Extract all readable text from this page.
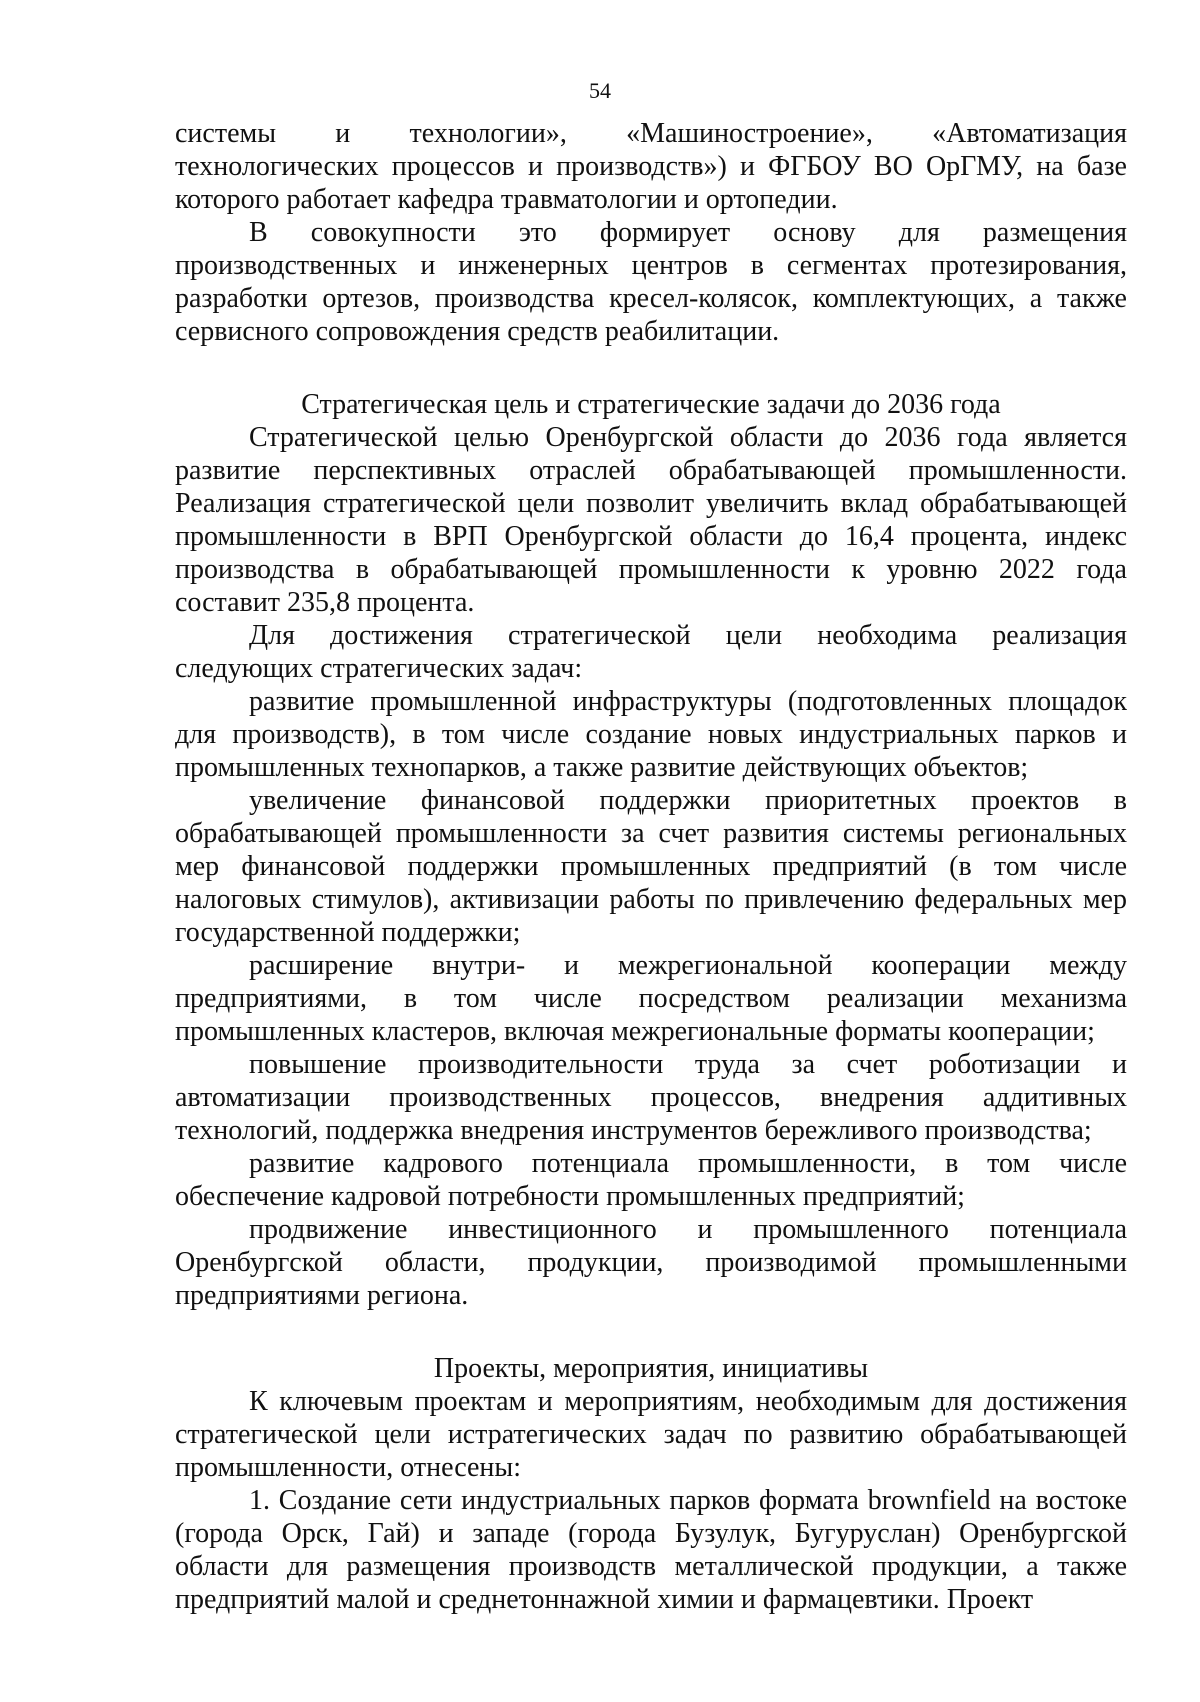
54

системы и технологии», «Машиностроение», «Автоматизация технологических процессов и производств») и ФГБОУ ВО ОрГМУ, на базе которого работает кафедра травматологии и ортопедии.

В совокупности это формирует основу для размещения производственных и инженерных центров в сегментах протезирования, разработки ортезов, производства кресел-колясок, комплектующих, а также сервисного сопровождения средств реабилитации.

Стратегическая цель и стратегические задачи до 2036 года

Стратегической целью Оренбургской области до 2036 года является развитие перспективных отраслей обрабатывающей промышленности. Реализация стратегической цели позволит увеличить вклад обрабатывающей промышленности в ВРП Оренбургской области до 16,4 процента, индекс производства в обрабатывающей промышленности к уровню 2022 года составит 235,8 процента.

Для достижения стратегической цели необходима реализация следующих стратегических задач:

развитие промышленной инфраструктуры (подготовленных площадок для производств), в том числе создание новых индустриальных парков и промышленных технопарков, а также развитие действующих объектов;

увеличение финансовой поддержки приоритетных проектов в обрабатывающей промышленности за счет развития системы региональных мер финансовой поддержки промышленных предприятий (в том числе налоговых стимулов), активизации работы по привлечению федеральных мер государственной поддержки;

расширение внутри- и межрегиональной кооперации между предприятиями, в том числе посредством реализации механизма промышленных кластеров, включая межрегиональные форматы кооперации;

повышение производительности труда за счет роботизации и автоматизации производственных процессов, внедрения аддитивных технологий, поддержка внедрения инструментов бережливого производства;

развитие кадрового потенциала промышленности, в том числе обеспечение кадровой потребности промышленных предприятий;

продвижение инвестиционного и промышленного потенциала Оренбургской области, продукции, производимой промышленными предприятиями региона.

Проекты, мероприятия, инициативы

К ключевым проектам и мероприятиям, необходимым для достижения стратегической цели истратегических задач по развитию обрабатывающей промышленности, отнесены:

1. Создание сети индустриальных парков формата brownfield на востоке (города Орск, Гай) и западе (города Бузулук, Бугуруслан) Оренбургской области для размещения производств металлической продукции, а также предприятий малой и среднетоннажной химии и фармацевтики. Проект
